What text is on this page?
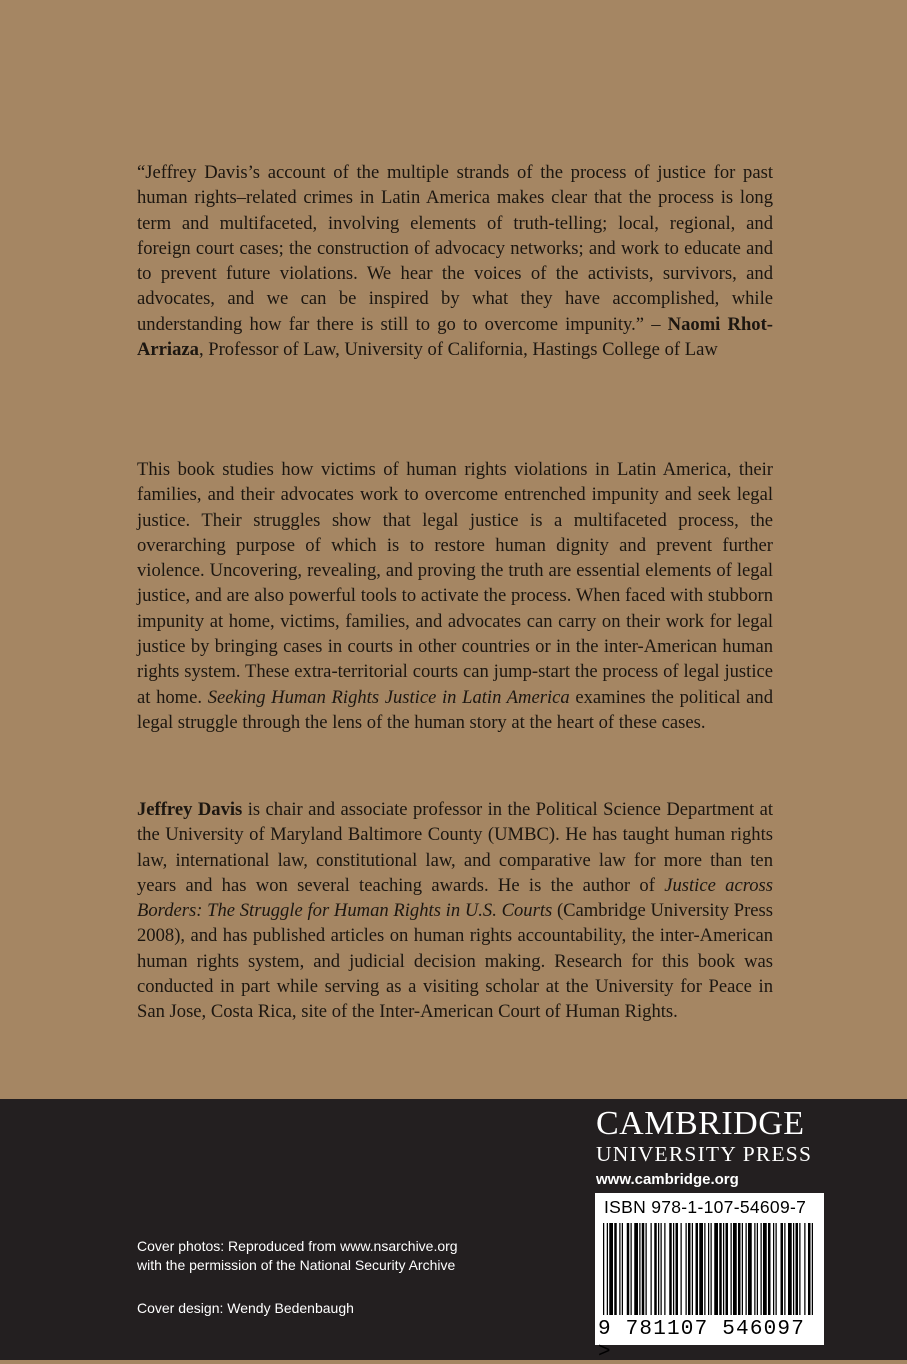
“Jeffrey Davis’s account of the multiple strands of the process of justice for past human rights–related crimes in Latin America makes clear that the process is long term and multifaceted, involving elements of truth-telling; local, regional, and foreign court cases; the construction of advocacy networks; and work to educate and to prevent future violations. We hear the voices of the activists, survivors, and advocates, and we can be inspired by what they have accomplished, while understanding how far there is still to go to overcome impunity.” – Naomi Rhot-Arriaza, Professor of Law, University of California, Hastings College of Law

This book studies how victims of human rights violations in Latin America, their families, and their advocates work to overcome entrenched impunity and seek legal justice. Their struggles show that legal justice is a multifaceted process, the overarching purpose of which is to restore human dignity and prevent further violence. Uncovering, revealing, and proving the truth are essential elements of legal justice, and are also powerful tools to activate the process. When faced with stubborn impunity at home, victims, families, and advocates can carry on their work for legal justice by bringing cases in courts in other countries or in the inter-American human rights system. These extra-territorial courts can jump-start the process of legal justice at home. Seeking Human Rights Justice in Latin America examines the political and legal struggle through the lens of the human story at the heart of these cases.

Jeffrey Davis is chair and associate professor in the Political Science Department at the University of Maryland Baltimore County (UMBC). He has taught human rights law, international law, constitutional law, and comparative law for more than ten years and has won several teaching awards. He is the author of Justice across Borders: The Struggle for Human Rights in U.S. Courts (Cambridge University Press 2008), and has published articles on human rights accountability, the inter-American human rights system, and judicial decision making. Research for this book was conducted in part while serving as a visiting scholar at the University for Peace in San Jose, Costa Rica, site of the Inter-American Court of Human Rights.

CAMBRIDGE
UNIVERSITY PRESS
www.cambridge.org
ISBN 978-1-107-54609-7
9 781107 546097 >
Cover photos: Reproduced from www.nsarchive.org
with the permission of the National Security Archive
Cover design: Wendy Bedenbaugh
